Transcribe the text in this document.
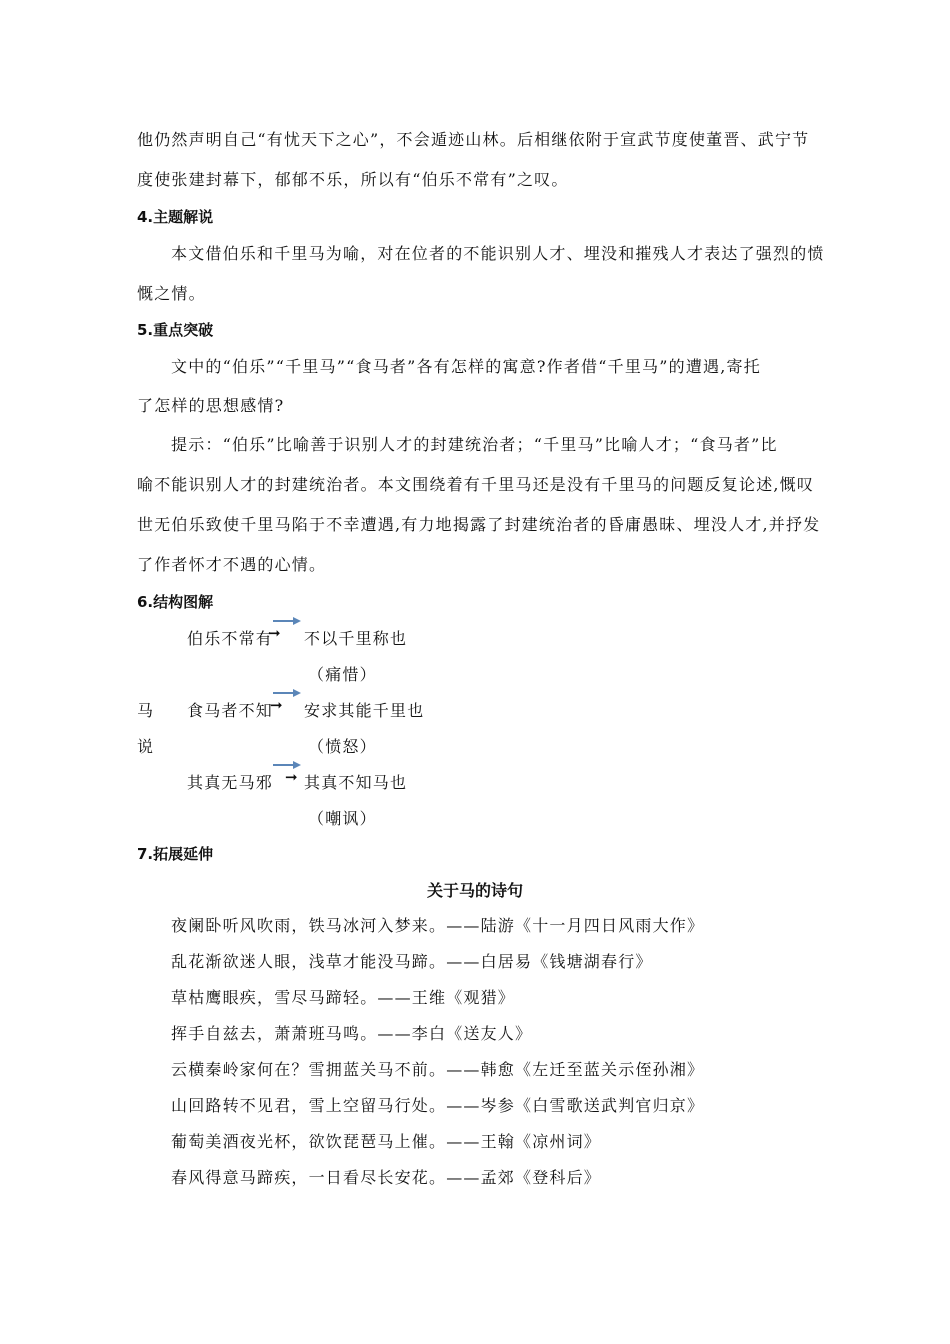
他仍然声明自己“有忧天下之心”，不会遁迹山林。后相继依附于宣武节度使董晋、武宁节
度使张建封幕下，郁郁不乐，所以有“伯乐不常有”之叹。
4.主题解说
本文借伯乐和千里马为喻，对在位者的不能识别人才、埋没和摧残人才表达了强烈的愤
慨之情。
5.重点突破
文中的“伯乐”“千里马”“食马者”各有怎样的寓意?作者借“千里马”的遭遇,寄托
了怎样的思想感情?
提示：“伯乐”比喻善于识别人才的封建统治者；“千里马”比喻人才；“食马者”比
喻不能识别人才的封建统治者。本文围绕着有千里马还是没有千里马的问题反复论述,慨叹
世无伯乐致使千里马陷于不幸遭遇,有力地揭露了封建统治者的昏庸愚昧、埋没人才,并抒发
了作者怀才不遇的心情。
6.结构图解
马
说
伯乐不常有
➞ 不以千里称也
（痛惜）
食马者不知
➞ 安求其能千里也
（愤怒）
其真无马邪 ➞ 其真不知马也
（嘲讽）
7.拓展延伸
关于马的诗句
夜阑卧听风吹雨，铁马冰河入梦来。——陆游《十一月四日风雨大作》
乱花渐欲迷人眼，浅草才能没马蹄。——白居易《钱塘湖春行》
草枯鹰眼疾，雪尽马蹄轻。——王维《观猎》
挥手自兹去，萧萧班马鸣。——李白《送友人》
云横秦岭家何在？雪拥蓝关马不前。——韩愈《左迁至蓝关示侄孙湘》
山回路转不见君，雪上空留马行处。——岑参《白雪歌送武判官归京》
葡萄美酒夜光杯，欲饮琵琶马上催。——王翰《凉州词》
春风得意马蹄疾，一日看尽长安花。——孟郊《登科后》
